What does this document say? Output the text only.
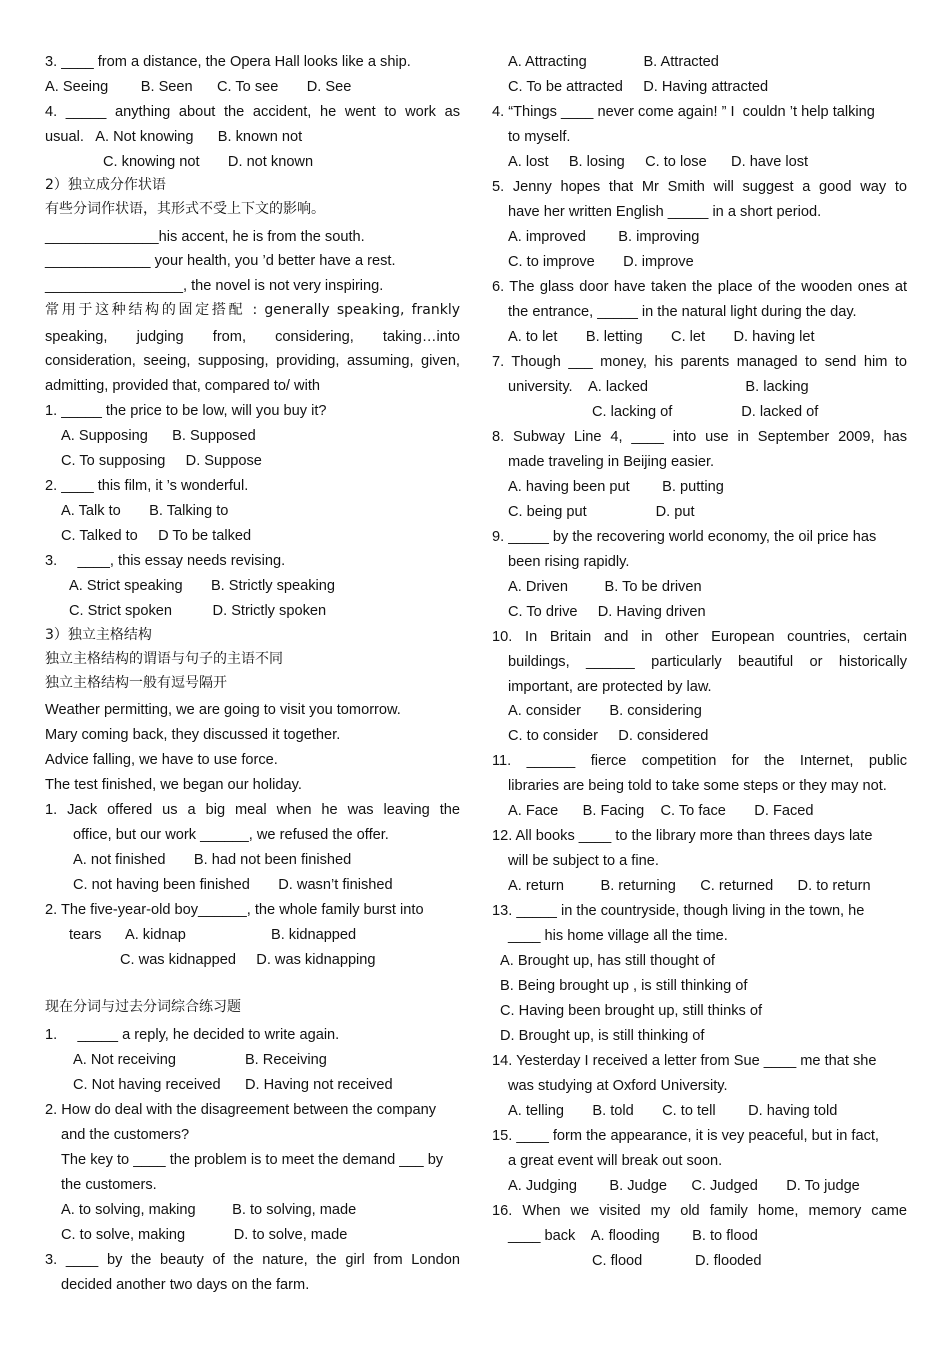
3. ____ from a distance, the Opera Hall looks like a ship.
A. Seeing        B. Seen      C. To see       D. See
4. _____ anything about the accident, he went to work as
usual.   A. Not knowing      B. known not
C. knowing not       D. not known
2）独立成分作状语
有些分词作状语，其形式不受上下文的影响。
______________his accent, he is from the south.
_____________ your health, you ’d better have a rest.
_________________, the novel is not very inspiring.
常用于这种结构的固定搭配 : generally speaking, frankly
speaking, judging from, considering, taking…into
consideration, seeing, supposing, providing, assuming, given,
admitting, provided that, compared to/ with
1. _____ the price to be low, will you buy it?
A. Supposing      B. Supposed
C. To supposing     D. Suppose
2. ____ this film, it ’s wonderful.
A. Talk to       B. Talking to
C. Talked to     D To be talked
3.     ____, this essay needs revising.
A. Strict speaking       B. Strictly speaking
C. Strict spoken          D. Strictly spoken
3）独立主格结构
独立主格结构的谓语与句子的主语不同
独立主格结构一般有逗号隔开
Weather permitting, we are going to visit you tomorrow.
Mary coming back, they discussed it together.
Advice falling, we have to use force.
The test finished, we began our holiday.
1. Jack offered us a big meal when he was leaving the
office, but our work ______, we refused the offer.
A. not finished       B. had not been finished
C. not having been finished       D. wasn’t finished
2. The five-year-old boy______, the whole family burst into
tears      A. kidnap                     B. kidnapped
C. was kidnapped     D. was kidnapping
现在分词与过去分词综合练习题
1.     _____ a reply, he decided to write again.
A. Not receiving                 B. Receiving
C. Not having received      D. Having not received
2. How do deal with the disagreement between the company
and the customers?
The key to ____ the problem is to meet the demand ___ by
the customers.
A. to solving, making         B. to solving, made
C. to solve, making            D. to solve, made
3. ____ by the beauty of the nature, the girl from London
decided another two days on the farm.
A. Attracting              B. Attracted
C. To be attracted     D. Having attracted
4. “Things ____ never come again! ” I  couldn ’t help talking
to myself.
A. lost     B. losing     C. to lose      D. have lost
5. Jenny hopes that Mr Smith will suggest a good way to
have her written English _____ in a short period.
A. improved        B. improving
C. to improve       D. improve
6. The glass door have taken the place of the wooden ones at
the entrance, _____ in the natural light during the day.
A. to let       B. letting       C. let       D. having let
7. Though ___ money, his parents managed to send him to
university.    A. lacked                        B. lacking
C. lacking of                 D. lacked of
8. Subway Line 4, ____ into use in September 2009, has
made traveling in Beijing easier.
A. having been put        B. putting
C. being put                 D. put
9. _____ by the recovering world economy, the oil price has
been rising rapidly.
A. Driven         B. To be driven
C. To drive     D. Having driven
10. In Britain and in other European countries, certain
buildings, ______ particularly beautiful or historically
important, are protected by law.
A. consider       B. considering
C. to consider     D. considered
11. ______ fierce competition for the Internet, public
libraries are being told to take some steps or they may not.
A. Face      B. Facing    C. To face       D. Faced
12. All books ____ to the library more than threes days late
will be subject to a fine.
A. return         B. returning      C. returned      D. to return
13. _____ in the countryside, though living in the town, he
____ his home village all the time.
A. Brought up, has still thought of
B. Being brought up , is still thinking of
C. Having been brought up, still thinks of
D. Brought up, is still thinking of
14. Yesterday I received a letter from Sue ____ me that she
was studying at Oxford University.
A. telling       B. told       C. to tell        D. having told
15. ____ form the appearance, it is vey peaceful, but in fact,
a great event will break out soon.
A. Judging        B. Judge      C. Judged       D. To judge
16. When we visited my old family home, memory came
____ back    A. flooding        B. to flood
C. flood             D. flooded
